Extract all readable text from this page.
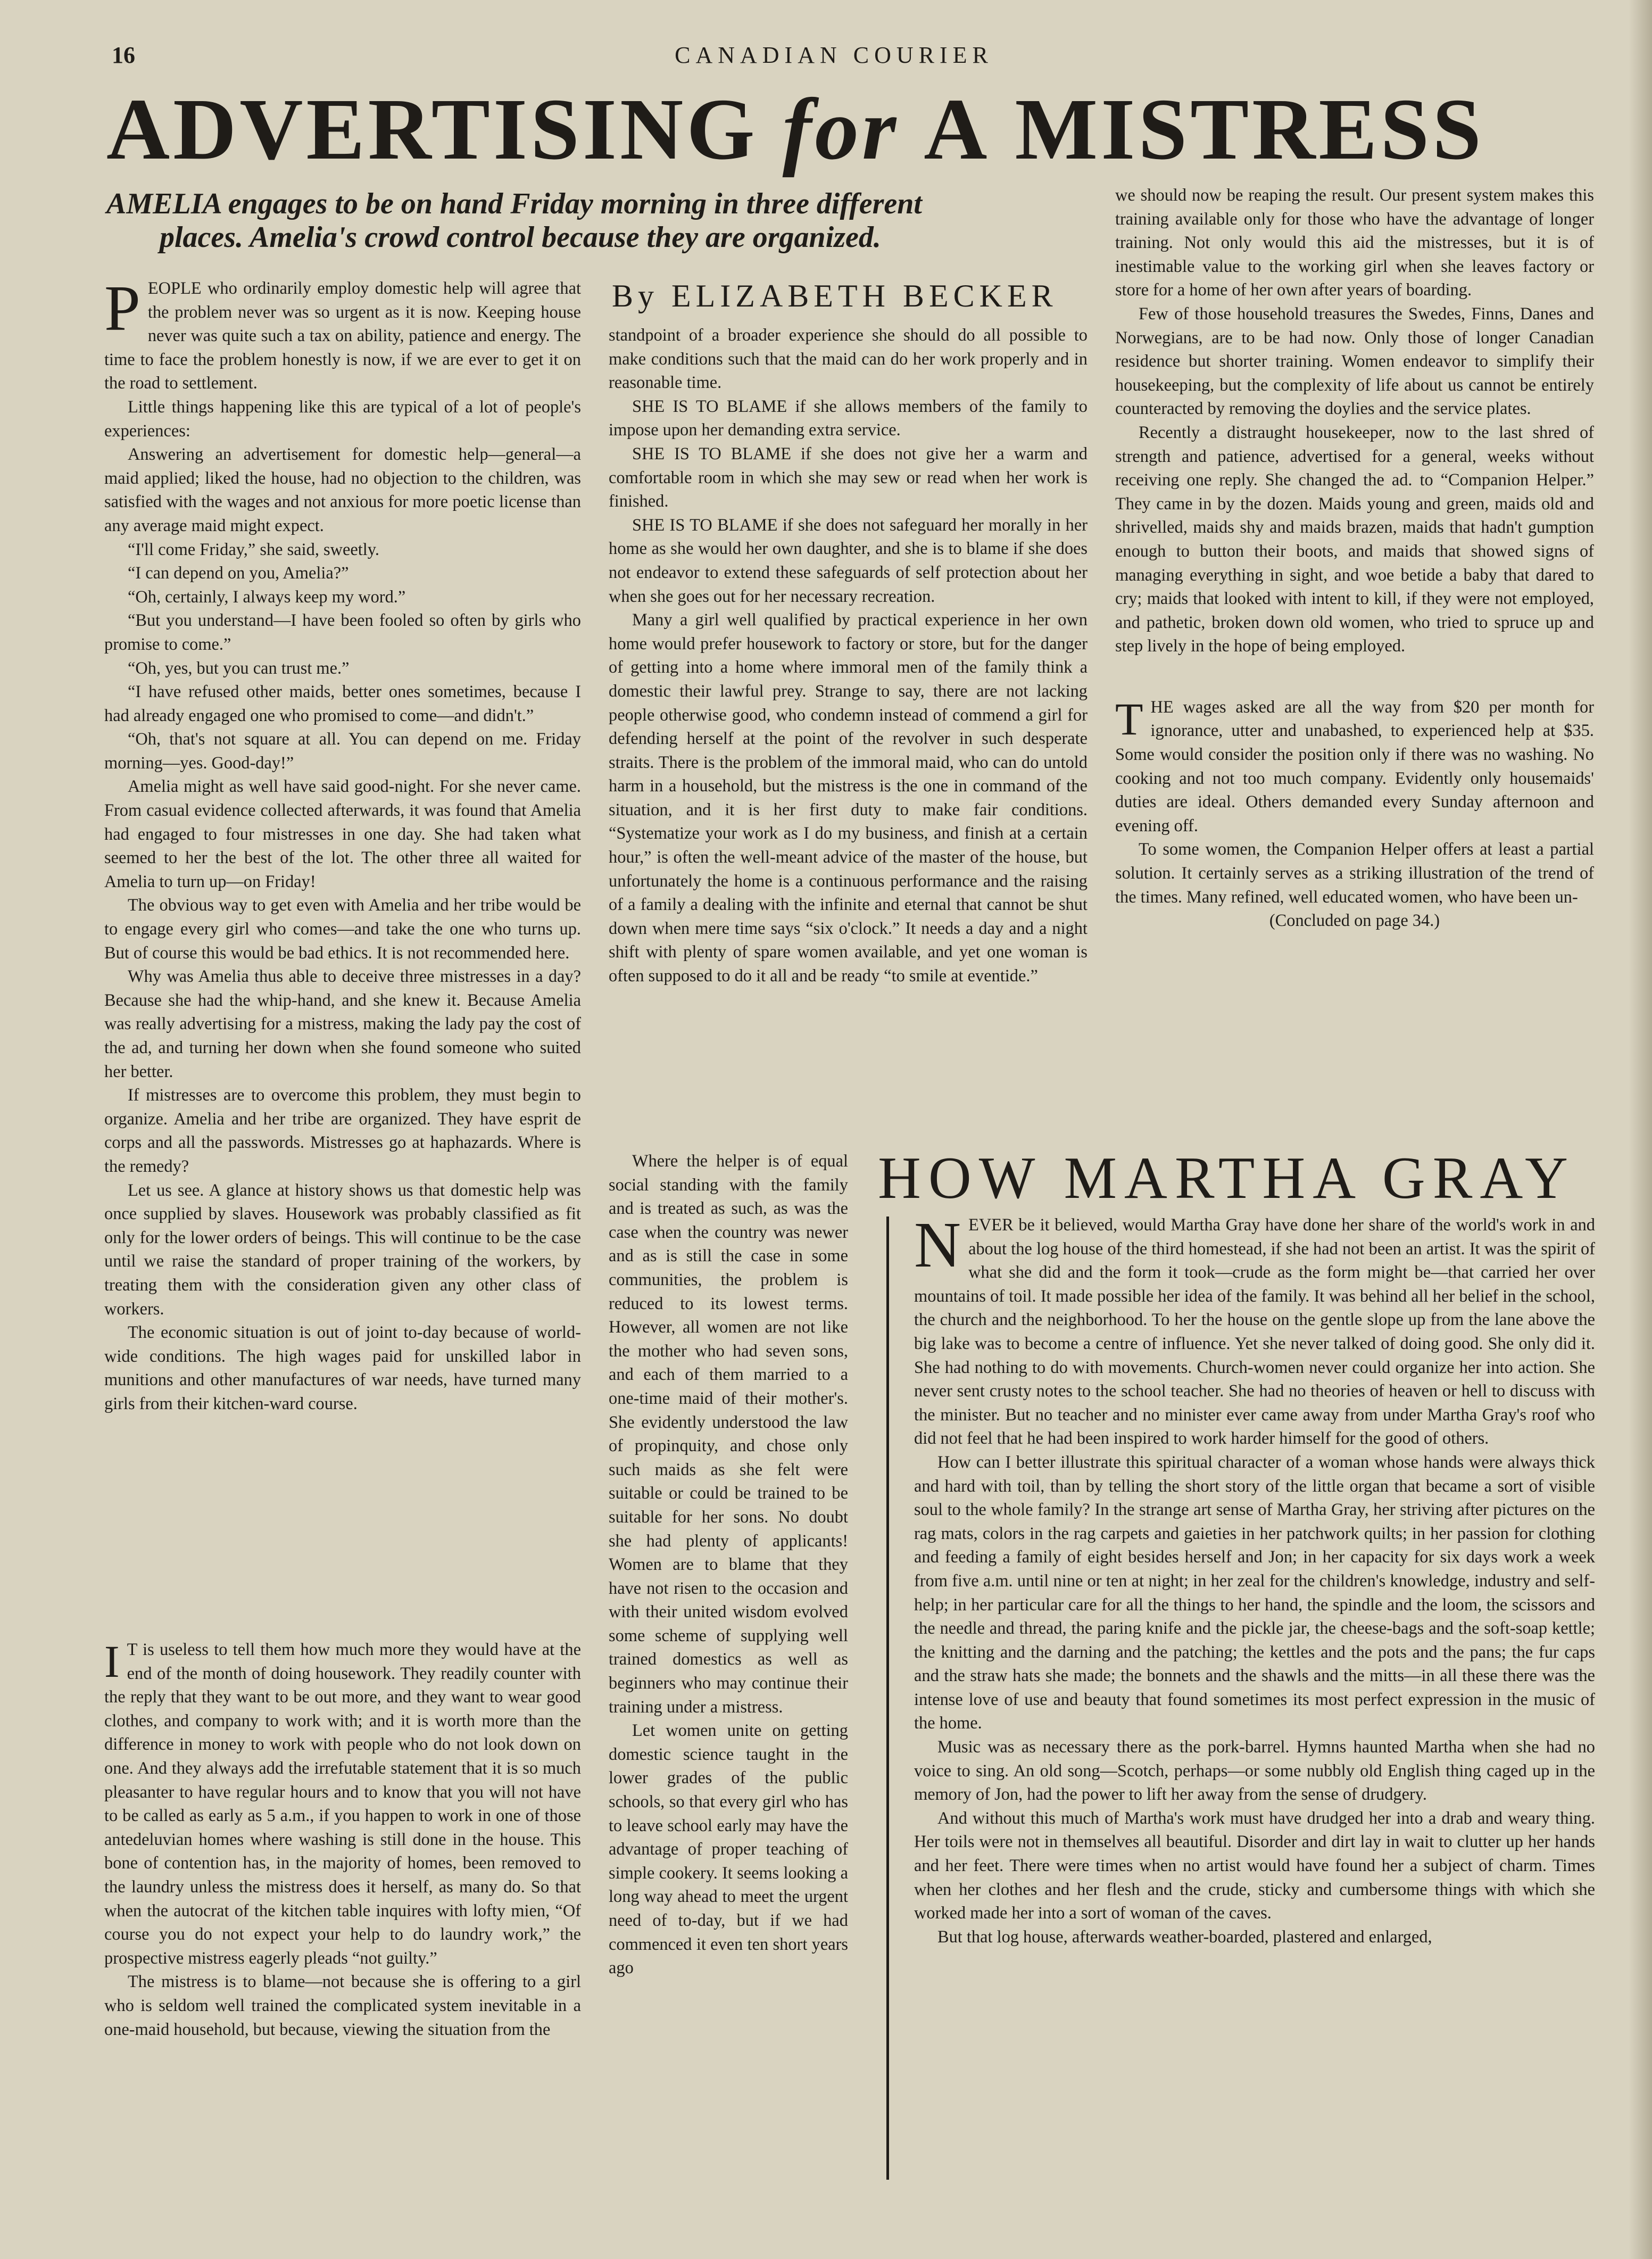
16	CANADIAN COURIER
ADVERTISING for A MISTRESS

AMELIA engages to be on hand Friday morning in three different

places. Amelia's crowd control because they are organized.

By ELIZABETH BECKER

PEOPLE who ordinarily employ domestic help will agree that the problem never was so urgent as it is now. Keeping house never was quite such a tax on ability, patience and energy. The time to face the problem honestly is now, if we are ever to get it on the road to settlement.

Little things happening like this are typical of a lot of people's experiences:

Answering an advertisement for domestic help—general—a maid applied; liked the house, had no objection to the children, was satisfied with the wages and not anxious for more poetic license than any average maid might expect.

“I'll come Friday,” she said, sweetly.

“I can depend on you, Amelia?”

“Oh, certainly, I always keep my word.”

“But you understand—I have been fooled so often by girls who promise to come.”

“Oh, yes, but you can trust me.”

“I have refused other maids, better ones sometimes, because I had already engaged one who promised to come—and didn't.”

“Oh, that's not square at all. You can depend on me. Friday morning—yes. Good-day!”

Amelia might as well have said good-night. For she never came. From casual evidence collected afterwards, it was found that Amelia had engaged to four mistresses in one day. She had taken what seemed to her the best of the lot. The other three all waited for Amelia to turn up—on Friday!

The obvious way to get even with Amelia and her tribe would be to engage every girl who comes—and take the one who turns up. But of course this would be bad ethics. It is not recommended here.

Why was Amelia thus able to deceive three mistresses in a day? Because she had the whip-hand, and she knew it. Because Amelia was really advertising for a mistress, making the lady pay the cost of the ad, and turning her down when she found someone who suited her better.

If mistresses are to overcome this problem, they must begin to organize. Amelia and her tribe are organized. They have esprit de corps and all the passwords. Mistresses go at haphazards. Where is the remedy?

Let us see. A glance at history shows us that domestic help was once supplied by slaves. Housework was probably classified as fit only for the lower orders of beings. This will continue to be the case until we raise the standard of proper training of the workers, by treating them with the consideration given any other class of workers.

The economic situation is out of joint to-day because of world-wide conditions. The high wages paid for unskilled labor in munitions and other manufactures of war needs, have turned many girls from their kitchen-ward course.

I T is useless to tell them how much more they would have at the end of the month of doing housework. They readily counter with the reply that they want to be out more, and they want to wear good clothes, and company to work with; and it is worth more than the difference in money to work with people who do not look down on one. And they always add the irrefutable statement that it is so much pleasanter to have regular hours and to know that you will not have to be called as early as 5 a.m., if you happen to work in one of those antedeluvian homes where washing is still done in the house. This bone of contention has, in the majority of homes, been removed to the laundry unless the mistress does it herself, as many do. So that when the autocrat of the kitchen table inquires with lofty mien, “Of course you do not expect your help to do laundry work,” the prospective mistress eagerly pleads “not guilty.”

The mistress is to blame—not because she is offering to a girl who is seldom well trained the complicated system inevitable in a one-maid household, but because, viewing the situation from the

standpoint of a broader experience she should do all possible to make conditions such that the maid can do her work properly and in reasonable time.

SHE IS TO BLAME if she allows members of the family to impose upon her demanding extra service.

SHE IS TO BLAME if she does not give her a warm and comfortable room in which she may sew or read when her work is finished.

SHE IS TO BLAME if she does not safeguard her morally in her home as she would her own daughter, and she is to blame if she does not endeavor to extend these safeguards of self protection about her when she goes out for her necessary recreation.

Many a girl well qualified by practical experience in her own home would prefer housework to factory or store, but for the danger of getting into a home where immoral men of the family think a domestic their lawful prey. Strange to say, there are not lacking people otherwise good, who condemn instead of commend a girl for defending herself at the point of the revolver in such desperate straits. There is the problem of the immoral maid, who can do untold harm in a household, but the mistress is the one in command of the situation, and it is her first duty to make fair conditions. “Systematize your work as I do my business, and finish at a certain hour,” is often the well-meant advice of the master of the house, but unfortunately the home is a continuous performance and the raising of a family a dealing with the infinite and eternal that cannot be shut down when mere time says “six o'clock.” It needs a day and a night shift with plenty of spare women available, and yet one woman is often supposed to do it all and be ready “to smile at eventide.”

Where the helper is of equal social standing with the family and is treated as such, as was the case when the country was newer and as is still the case in some communities, the problem is reduced to its lowest terms. However, all women are not like the mother who had seven sons, and each of them married to a one-time maid of their mother's. She evidently understood the law of propinquity, and chose only such maids as she felt were suitable or could be trained to be suitable for her sons. No doubt she had plenty of applicants! Women are to blame that they have not risen to the occasion and with their united wisdom evolved some scheme of supplying well trained domestics as well as beginners who may continue their training under a mistress.

Let women unite on getting domestic science taught in the lower grades of the public schools, so that every girl who has to leave school early may have the advantage of proper teaching of simple cookery. It seems looking a long way ahead to meet the urgent need of to-day, but if we had commenced it even ten short years ago

we should now be reaping the result. Our present system makes this training available only for those who have the advantage of longer training. Not only would this aid the mistresses, but it is of inestimable value to the working girl when she leaves factory or store for a home of her own after years of boarding.

Few of those household treasures the Swedes, Finns, Danes and Norwegians, are to be had now. Only those of longer Canadian residence but shorter training. Women endeavor to simplify their housekeeping, but the complexity of life about us cannot be entirely counteracted by removing the doylies and the service plates.

Recently a distraught housekeeper, now to the last shred of strength and patience, advertised for a general, weeks without receiving one reply. She changed the ad. to “Companion Helper.” They came in by the dozen. Maids young and green, maids old and shrivelled, maids shy and maids brazen, maids that hadn't gumption enough to button their boots, and maids that showed signs of managing everything in sight, and woe betide a baby that dared to cry; maids that looked with intent to kill, if they were not employed, and pathetic, broken down old women, who tried to spruce up and step lively in the hope of being employed.

THE wages asked are all the way from $20 per month for ignorance, utter and unabashed, to experienced help at $35. Some would consider the position only if there was no washing. No cooking and not too much company. Evidently only housemaids' duties are ideal. Others demanded every Sunday afternoon and evening off.

To some women, the Companion Helper offers at least a partial solution. It certainly serves as a striking illustration of the trend of the times. Many refined, well educated women, who have been un-

(Concluded on page 34.)

HOW MARTHA GRAY

NEVER be it believed, would Martha Gray have done her share of the world's work in and about the log house of the third homestead, if she had not been an artist. It was the spirit of what she did and the form it took—crude as the form might be—that carried her over mountains of toil. It made possible her idea of the family. It was behind all her belief in the school, the church and the neighborhood. To her the house on the gentle slope up from the lane above the big lake was to become a centre of influence. Yet she never talked of doing good. She only did it. She had nothing to do with movements. Church-women never could organize her into action. She never sent crusty notes to the school teacher. She had no theories of heaven or hell to discuss with the minister. But no teacher and no minister ever came away from under Martha Gray's roof who did not feel that he had been inspired to work harder himself for the good of others.

How can I better illustrate this spiritual character of a woman whose hands were always thick and hard with toil, than by telling the short story of the little organ that became a sort of visible soul to the whole family? In the strange art sense of Martha Gray, her striving after pictures on the rag mats, colors in the rag carpets and gaieties in her patchwork quilts; in her passion for clothing and feeding a family of eight besides herself and Jon; in her capacity for six days work a week from five a.m. until nine or ten at night; in her zeal for the children's knowledge, industry and self-help; in her particular care for all the things to her hand, the spindle and the loom, the scissors and the needle and thread, the paring knife and the pickle jar, the cheese-bags and the soft-soap kettle; the knitting and the darning and the patching; the kettles and the pots and the pans; the fur caps and the straw hats she made; the bonnets and the shawls and the mitts—in all these there was the intense love of use and beauty that found sometimes its most perfect expression in the music of the home.

Music was as necessary there as the pork-barrel. Hymns haunted Martha when she had no voice to sing. An old song—Scotch, perhaps—or some nubbly old English thing caged up in the memory of Jon, had the power to lift her away from the sense of drudgery.

And without this much of Martha's work must have drudged her into a drab and weary thing. Her toils were not in themselves all beautiful. Disorder and dirt lay in wait to clutter up her hands and her feet. There were times when no artist would have found her a subject of charm. Times when her clothes and her flesh and the crude, sticky and cumbersome things with which she worked made her into a sort of woman of the caves.

But that log house, afterwards weather-boarded, plastered and enlarged,
